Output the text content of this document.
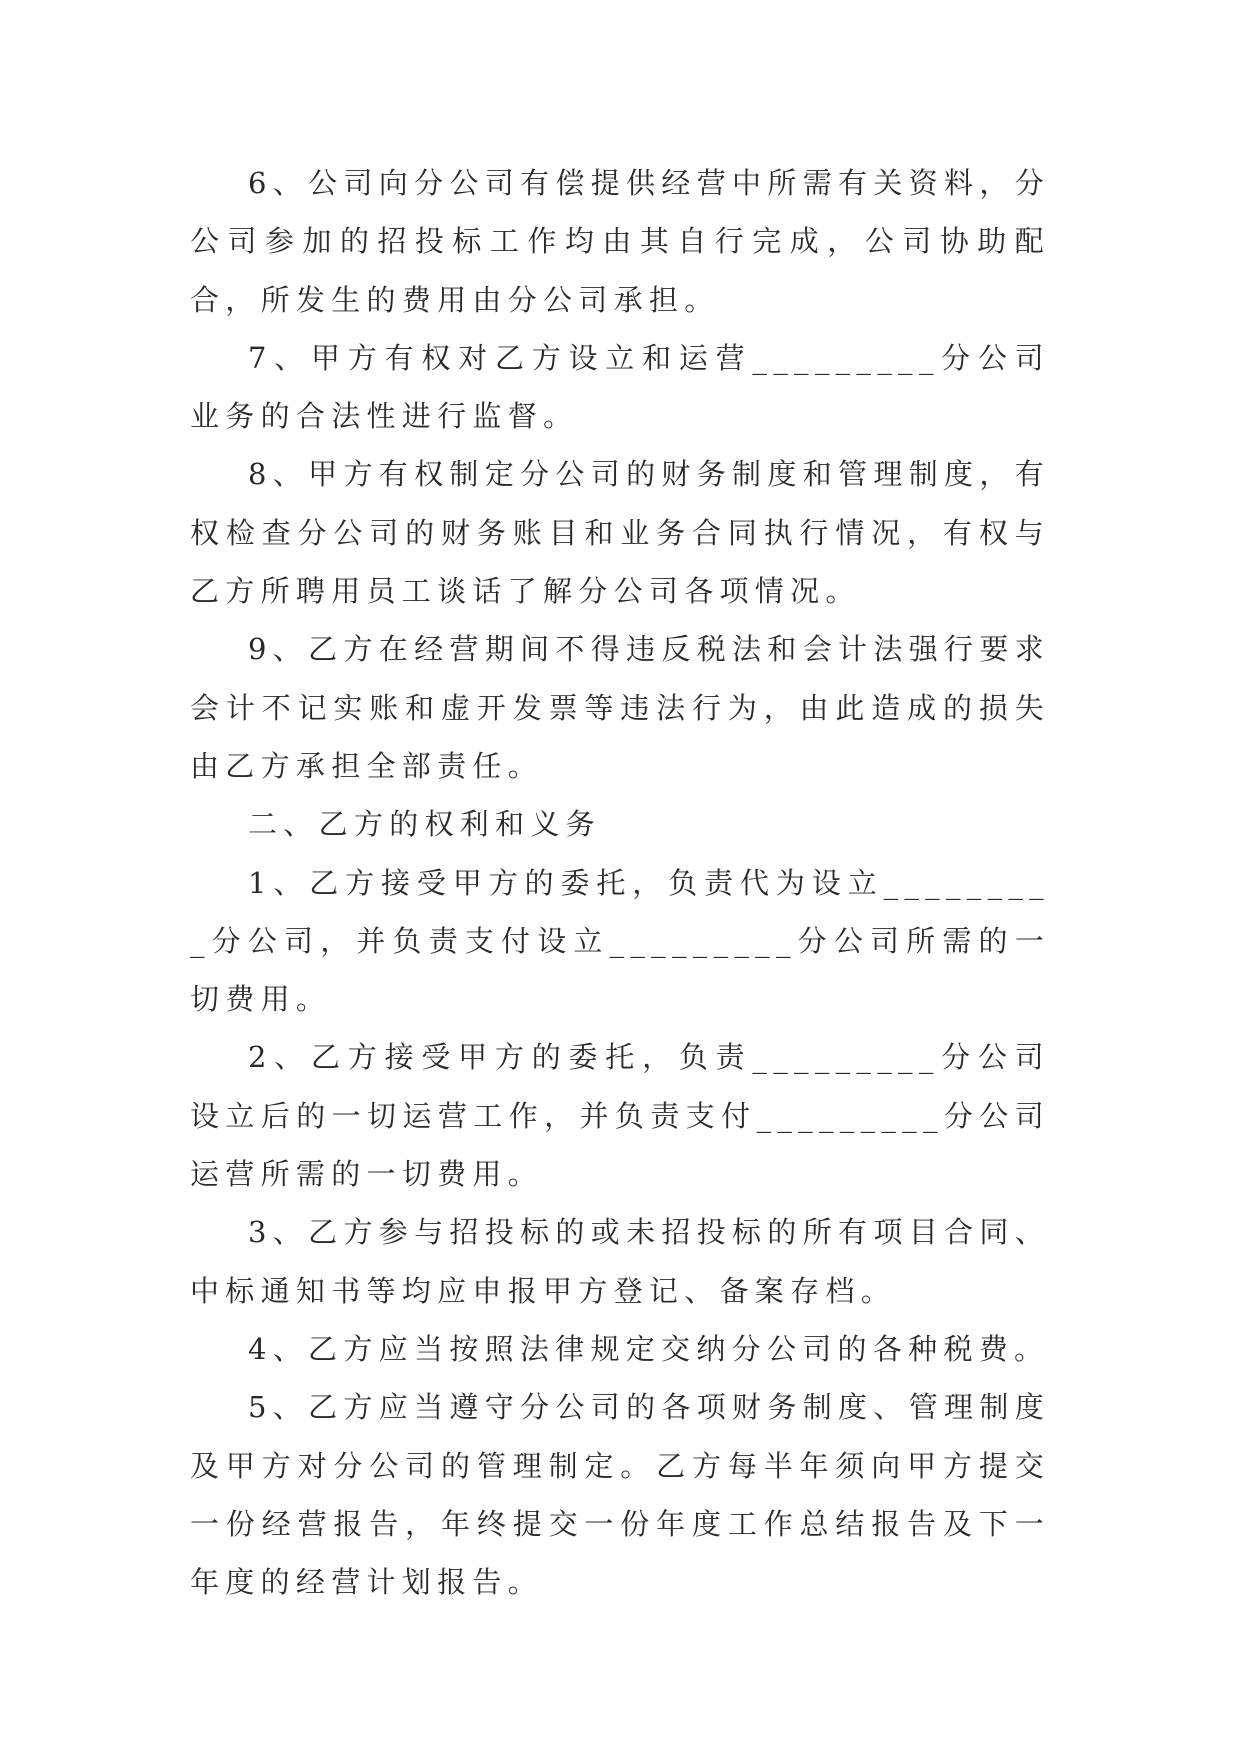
6、公司向分公司有偿提供经营中所需有关资料，分公司参加的招投标工作均由其自行完成，公司协助配合，所发生的费用由分公司承担。

7、甲方有权对乙方设立和运营_________分公司业务的合法性进行监督。

8、甲方有权制定分公司的财务制度和管理制度，有权检查分公司的财务账目和业务合同执行情况，有权与乙方所聘用员工谈话了解分公司各项情况。

9、乙方在经营期间不得违反税法和会计法强行要求会计不记实账和虚开发票等违法行为，由此造成的损失由乙方承担全部责任。

二、乙方的权利和义务

1、乙方接受甲方的委托，负责代为设立_________分公司，并负责支付设立_________分公司所需的一切费用。

2、乙方接受甲方的委托，负责_________分公司设立后的一切运营工作，并负责支付_________分公司运营所需的一切费用。

3、乙方参与招投标的或未招投标的所有项目合同、中标通知书等均应申报甲方登记、备案存档。

4、乙方应当按照法律规定交纳分公司的各种税费。

5、乙方应当遵守分公司的各项财务制度、管理制度及甲方对分公司的管理制定。乙方每半年须向甲方提交一份经营报告，年终提交一份年度工作总结报告及下一年度的经营计划报告。
